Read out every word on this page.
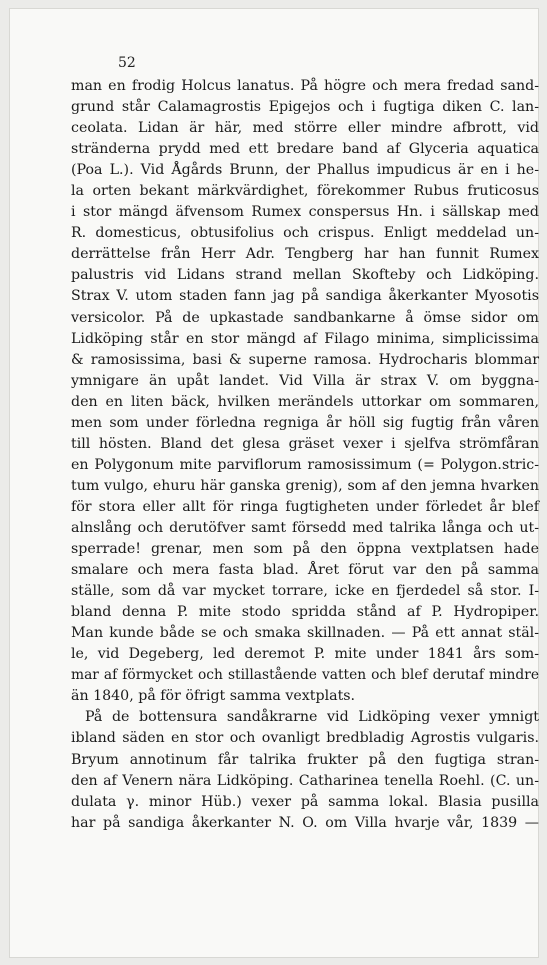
52
man en frodig Holcus lanatus. På högre och mera fredad sand-
grund står Calamagrostis Epigejos och i fugtiga diken C. lan-
ceolata. Lidan är här, med större eller mindre afbrott, vid
stränderna prydd med ett bredare band af Glyceria aquatica
(Poa L.). Vid Ågårds Brunn, der Phallus impudicus är en i he-
la orten bekant märkvärdighet, förekommer Rubus fruticosus
i stor mängd äfvensom Rumex conspersus Hn. i sällskap med
R. domesticus, obtusifolius och crispus. Enligt meddelad un-
derrättelse från Herr Adr. Tengberg har han funnit Rumex
palustris vid Lidans strand mellan Skofteby och Lidköping.
Strax V. utom staden fann jag på sandiga åkerkanter Myosotis
versicolor. På de upkastade sandbankarne å ömse sidor om
Lidköping står en stor mängd af Filago minima, simplicissima
& ramosissima, basi & superne ramosa. Hydrocharis blommar
ymnigare än upåt landet. Vid Villa är strax V. om byggna-
den en liten bäck, hvilken merändels uttorkar om sommaren,
men som under förledna regniga år höll sig fugtig från våren
till hösten. Bland det glesa gräset vexer i sjelfva strömfåran
en Polygonum mite parviflorum ramosissimum (= Polygon.stric-
tum vulgo, ehuru här ganska grenig), som af den jemna hvarken
för stora eller allt för ringa fugtigheten under förledet år blef
alnslång och derutöfver samt försedd med talrika långa och ut-
sperrade! grenar, men som på den öppna vextplatsen hade
smalare och mera fasta blad. Året förut var den på samma
ställe, som då var mycket torrare, icke en fjerdedel så stor. I-
bland denna P. mite stodo spridda stånd af P. Hydropiper.
Man kunde både se och smaka skillnaden. — På ett annat stäl-
le, vid Degeberg, led deremot P. mite under 1841 års som-
mar af förmycket och stillastående vatten och blef derutaf mindre
än 1840, på för öfrigt samma vextplats.
På de bottensura sandåkrarne vid Lidköping vexer ymnigt
ibland säden en stor och ovanligt bredbladig Agrostis vulgaris.
Bryum annotinum får talrika frukter på den fugtiga stran-
den af Venern nära Lidköping. Catharinea tenella Roehl. (C. un-
dulata γ. minor Hüb.) vexer på samma lokal. Blasia pusilla
har på sandiga åkerkanter N. O. om Villa hvarje vår, 1839 —
